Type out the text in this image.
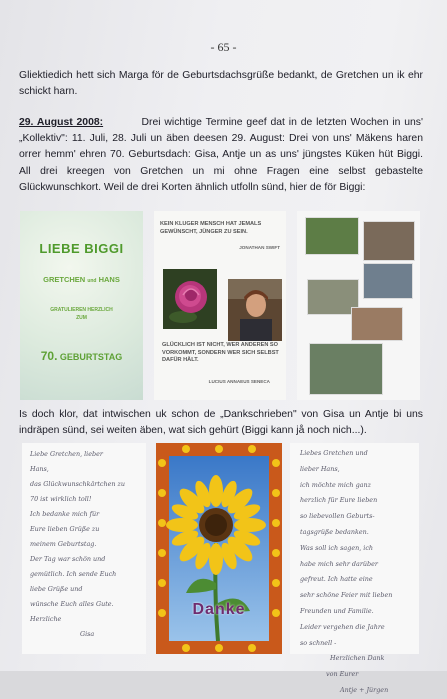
- 65 -

Gliektiedich hett sich Marga för de Geburtsdachsgrüße bedankt, de Gretchen un ik ehr schickt harn.

29. August 2008:	Drei wichtige Termine geef dat in de letzten Wochen in uns' „Kollektiv": 11. Juli, 28. Juli un äben deesen 29. August: Drei von uns' Mäkens haren orrer hemm' ehren 70. Geburtsdach: Gisa, Antje un as uns' jüngstes Küken hüt Biggi. All drei kreegen von Gretchen un mi ohne Fragen eine selbst gebastelte Glückwunschkort. Weil de drei Korten ähnlich utfolln sünd, hier de för Biggi:

LIEBE BIGGI
GRETCHEN und HANS
GRATULIEREN HERZLICH
ZUM
70. GEBURTSTAG
KEIN KLUGER MENSCH HAT JEMALS GEWÜNSCHT, JÜNGER ZU SEIN.
JONATHAN SWIFT
GLÜCKLICH IST NICHT, WER ANDEREN SO VORKOMMT, SONDERN WER SICH SELBST DAFÜR HÄLT.
LUCIUS ANNAEUS SENECA

Is doch klor, dat intwischen uk schon de „Dankschrieben" von Gisa un Antje bi uns indräpen sünd, sei weiten äben, wat sich gehürt (Biggi kann jå noch nich...).

Liebe Gretchen, lieber
Hans,
das Glückwunschkärtchen zu
70 ist wirklich toll!
Ich bedanke mich für
Eure lieben Grüße zu
meinem Geburtstag.
Der Tag war schön und
gemütlich. Ich sende Euch
liebe Grüße und
wünsche Euch alles Gute.
Herzliche
Gisa
Danke
Liebes Gretchen und
lieber Hans,
ich möchte mich ganz
herzlich für Eure lieben
so liebevollen Geburts-
tagsgrüße bedanken.
Was soll ich sagen, ich
habe mich sehr darüber
gefreut. Ich hatte eine
sehr schöne Feier mit lieben
Freunden und Familie.
Leider vergehen die Jahre
so schnell -
Herzlichen Dank
von Eurer
Antje + Jürgen
